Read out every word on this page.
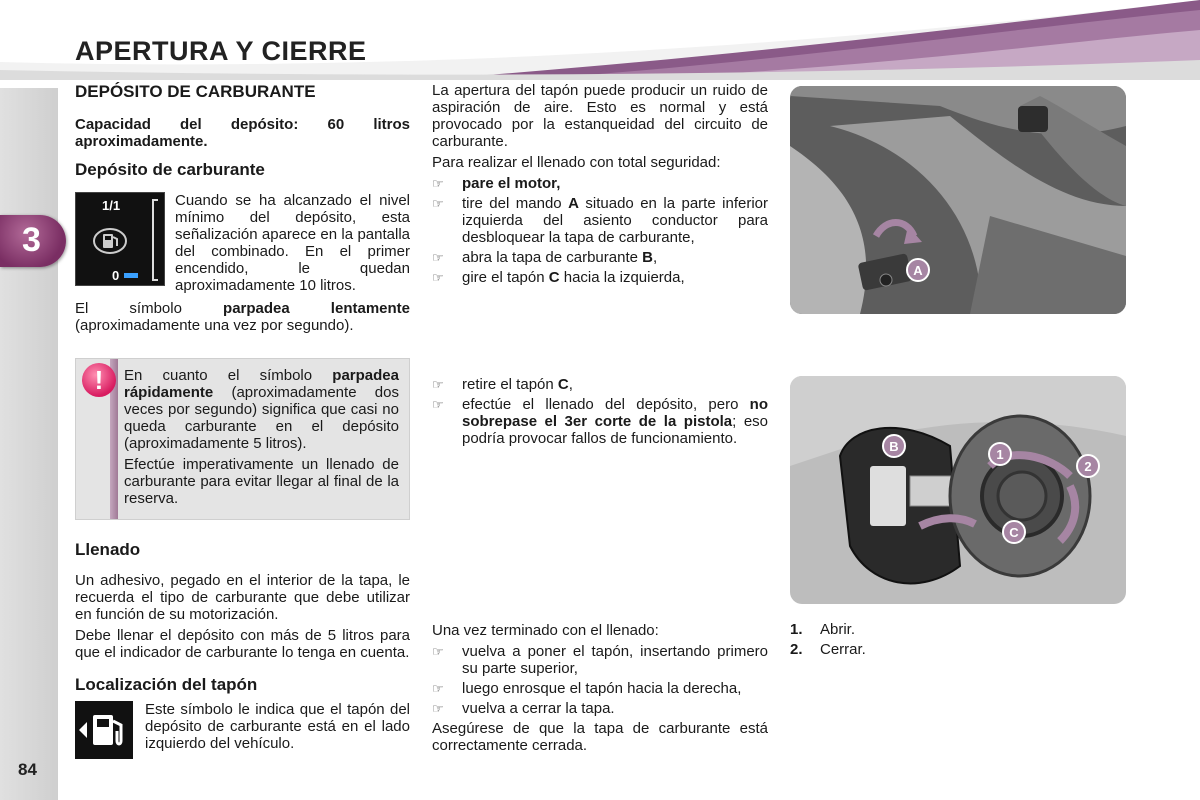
APERTURA Y CIERRE
3
84
DEPÓSITO DE CARBURANTE

Capacidad del depósito: 60 litros aproximadamente.

Depósito de carburante
1/1
0

Cuando se ha alcanzado el nivel mínimo del depósito, esta señalización aparece en la pantalla del combinado. En el primer encendido, le quedan aproximadamente 10 litros.

El símbolo parpadea lentamente (aproximadamente una vez por segundo).

!	En cuanto el símbolo parpadea rápidamente (aproximadamente dos veces por segundo) significa que casi no queda carburante en el depósito (aproximadamente 5 litros).

Efectúe imperativamente un llenado de carburante para evitar llegar al final de la reserva.

Llenado

Un adhesivo, pegado en el interior de la tapa, le recuerda el tipo de carburante que debe utilizar en función de su motorización.

Debe llenar el depósito con más de 5 litros para que el indicador de carburante lo tenga en cuenta.

Localización del tapón

Este símbolo le indica que el tapón del depósito de carburante está en el lado izquierdo del vehículo.

La apertura del tapón puede producir un ruido de aspiración de aire. Esto es normal y está provocado por la estanqueidad del circuito de carburante.

Para realizar el llenado con total seguridad:

☞	pare el motor,
☞	tire del mando A situado en la parte inferior izquierda del asiento conductor para desbloquear la tapa de carburante,
☞	abra la tapa de carburante B,
☞	gire el tapón C hacia la izquierda,
☞	retire el tapón C,
☞	efectúe el llenado del depósito, pero no sobrepase el 3er corte de la pistola; eso podría provocar fallos de funcionamiento.

Una vez terminado con el llenado:

☞	vuelva a poner el tapón, insertando primero su parte superior,
☞	luego enrosque el tapón hacia la derecha,
☞	vuelva a cerrar la tapa.

Asegúrese de que la tapa de carburante está correctamente cerrada.

A
B
1
2
C
1. Abrir.
2. Cerrar.
